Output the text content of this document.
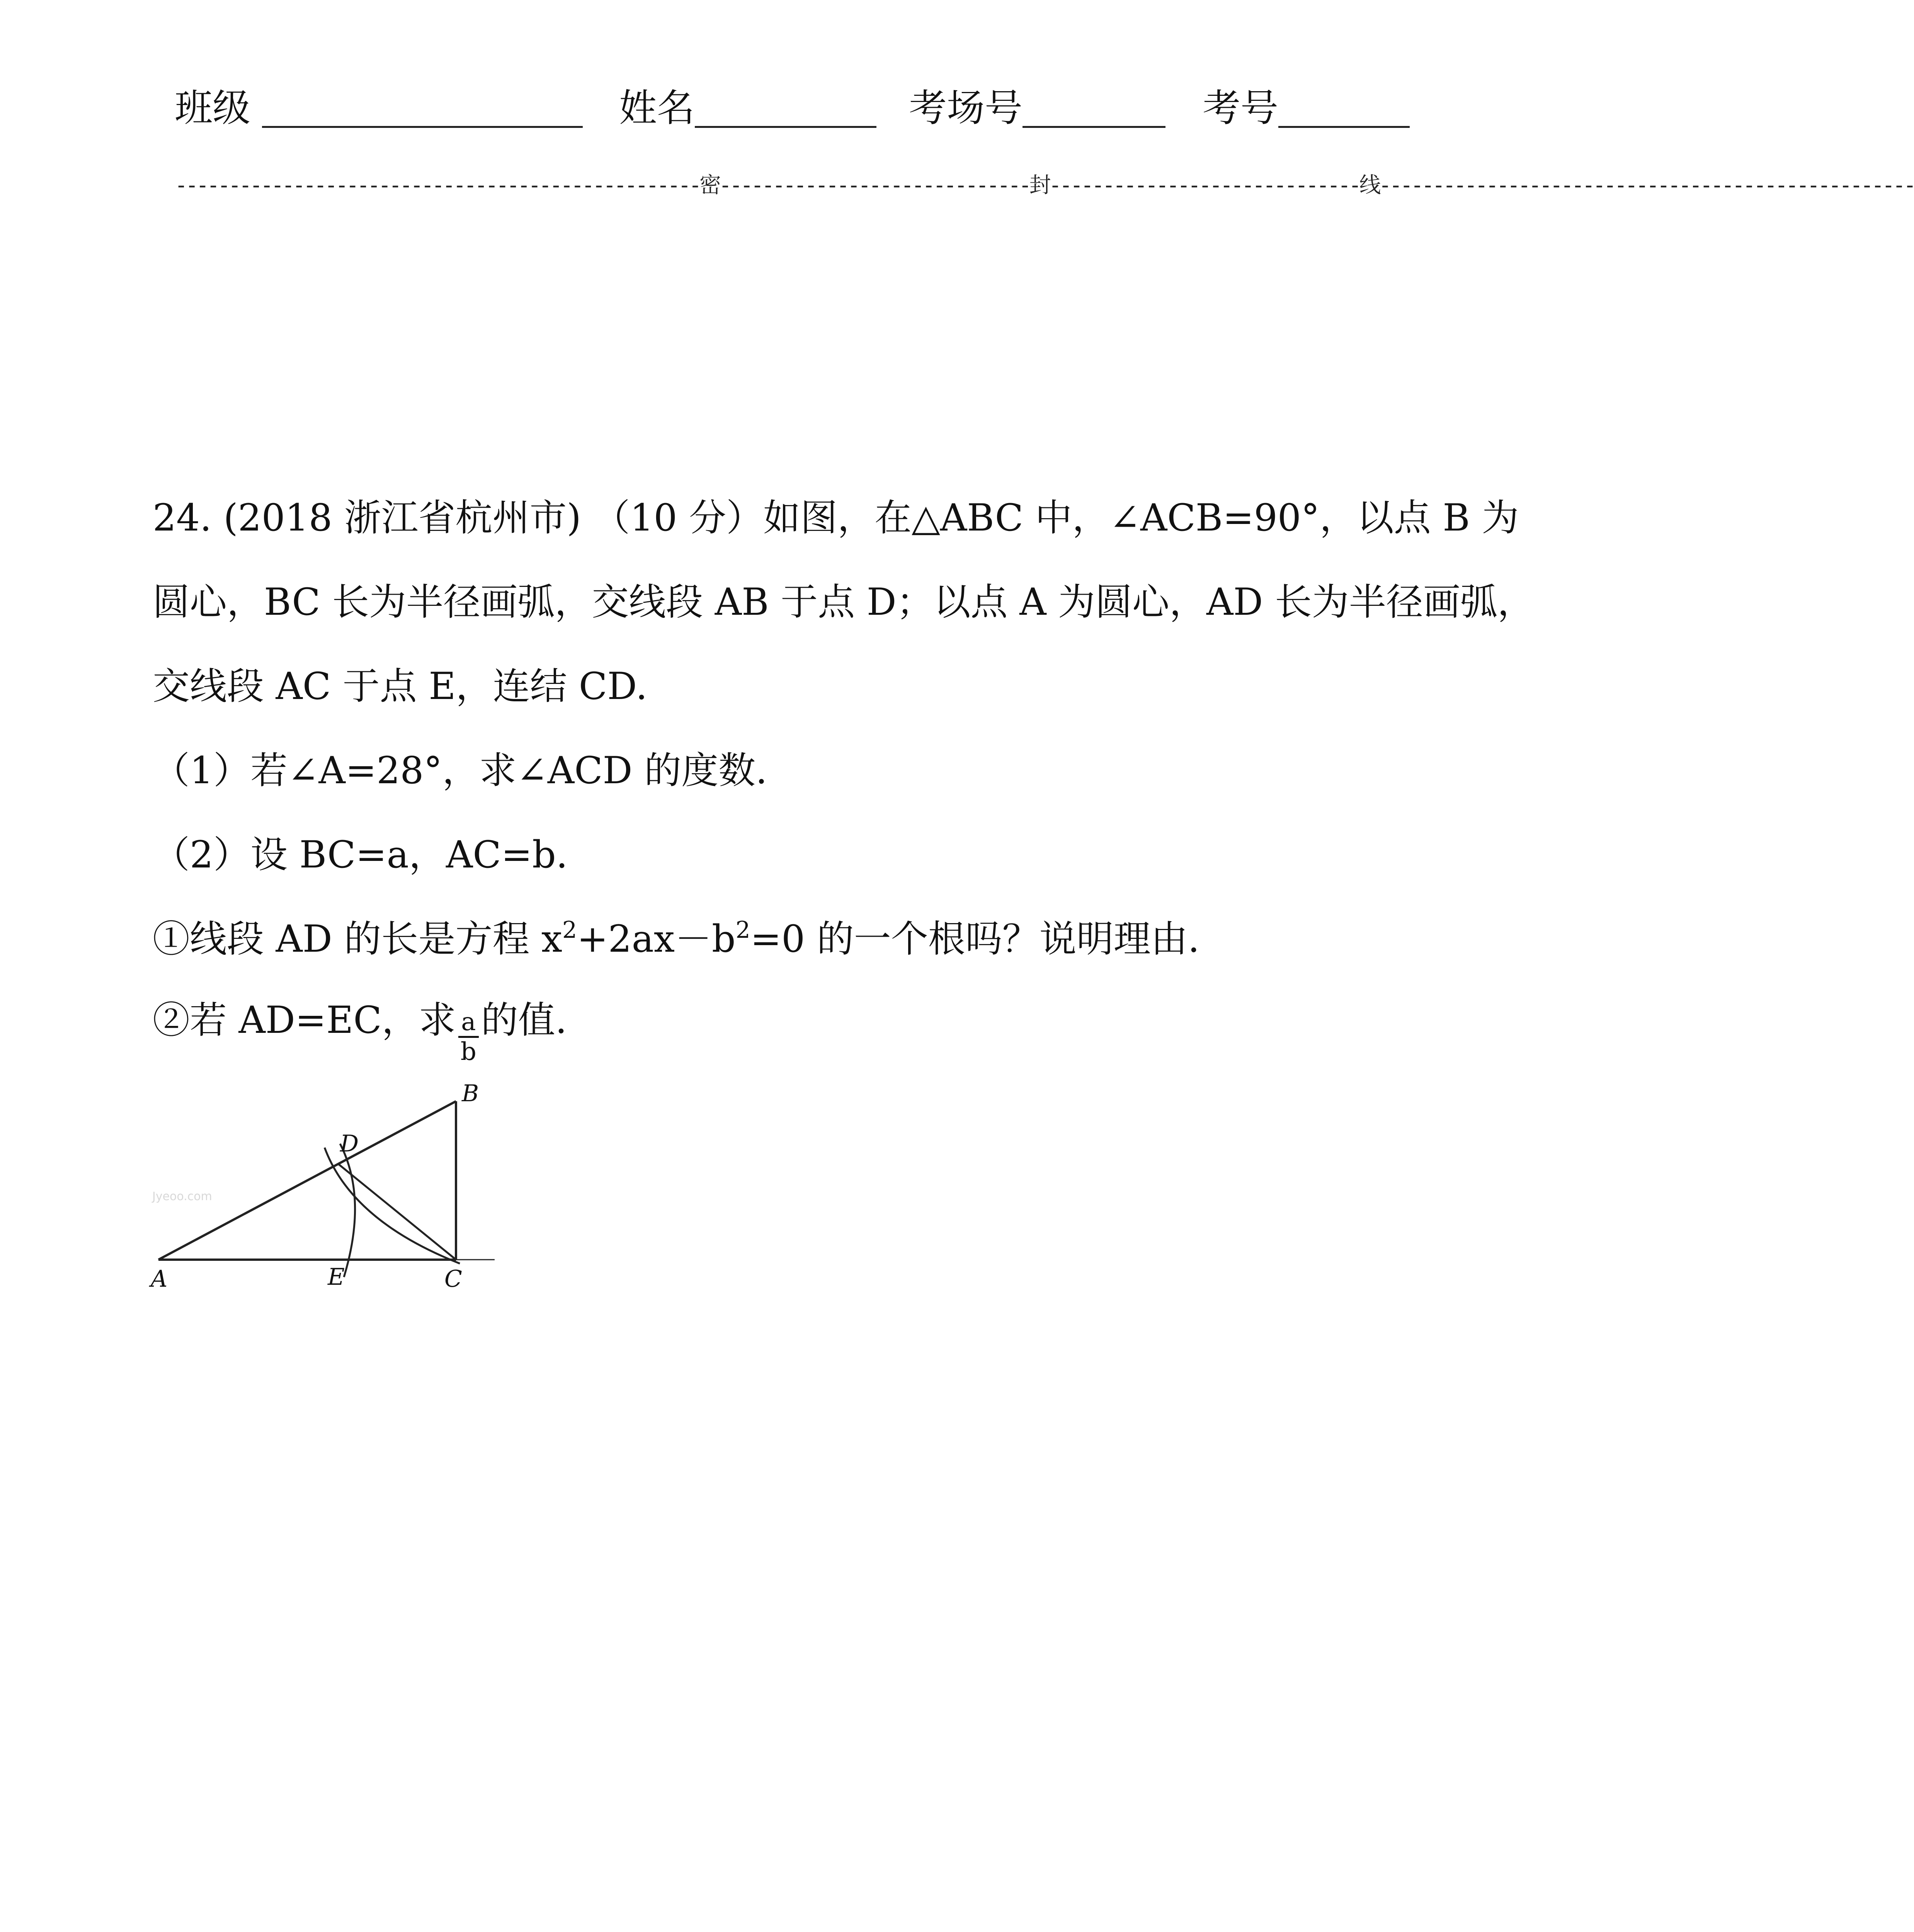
班级	姓名	考场号	考号
-------------------------------------------------密-----------------------------封-----------------------------线--------------------------------------------------
24. (2018 浙江省杭州市) （10 分）如图，在△ABC 中，∠ACB=90°，以点 B 为
圆心，BC 长为半径画弧，交线段 AB 于点 D；以点 A 为圆心，AD 长为半径画弧，
交线段 AC 于点 E，连结 CD.
（1）若∠A=28°，求∠ACD 的度数.
（2）设 BC=a，AC=b.
①线段 AD 的长是方程 $x^2+2ax-b^2=0$ 的一个根吗？说明理由.
②若 AD=EC，求 $\frac{a}{b}$ 的值.
Jyeoo.com
A
B
C
D
E
